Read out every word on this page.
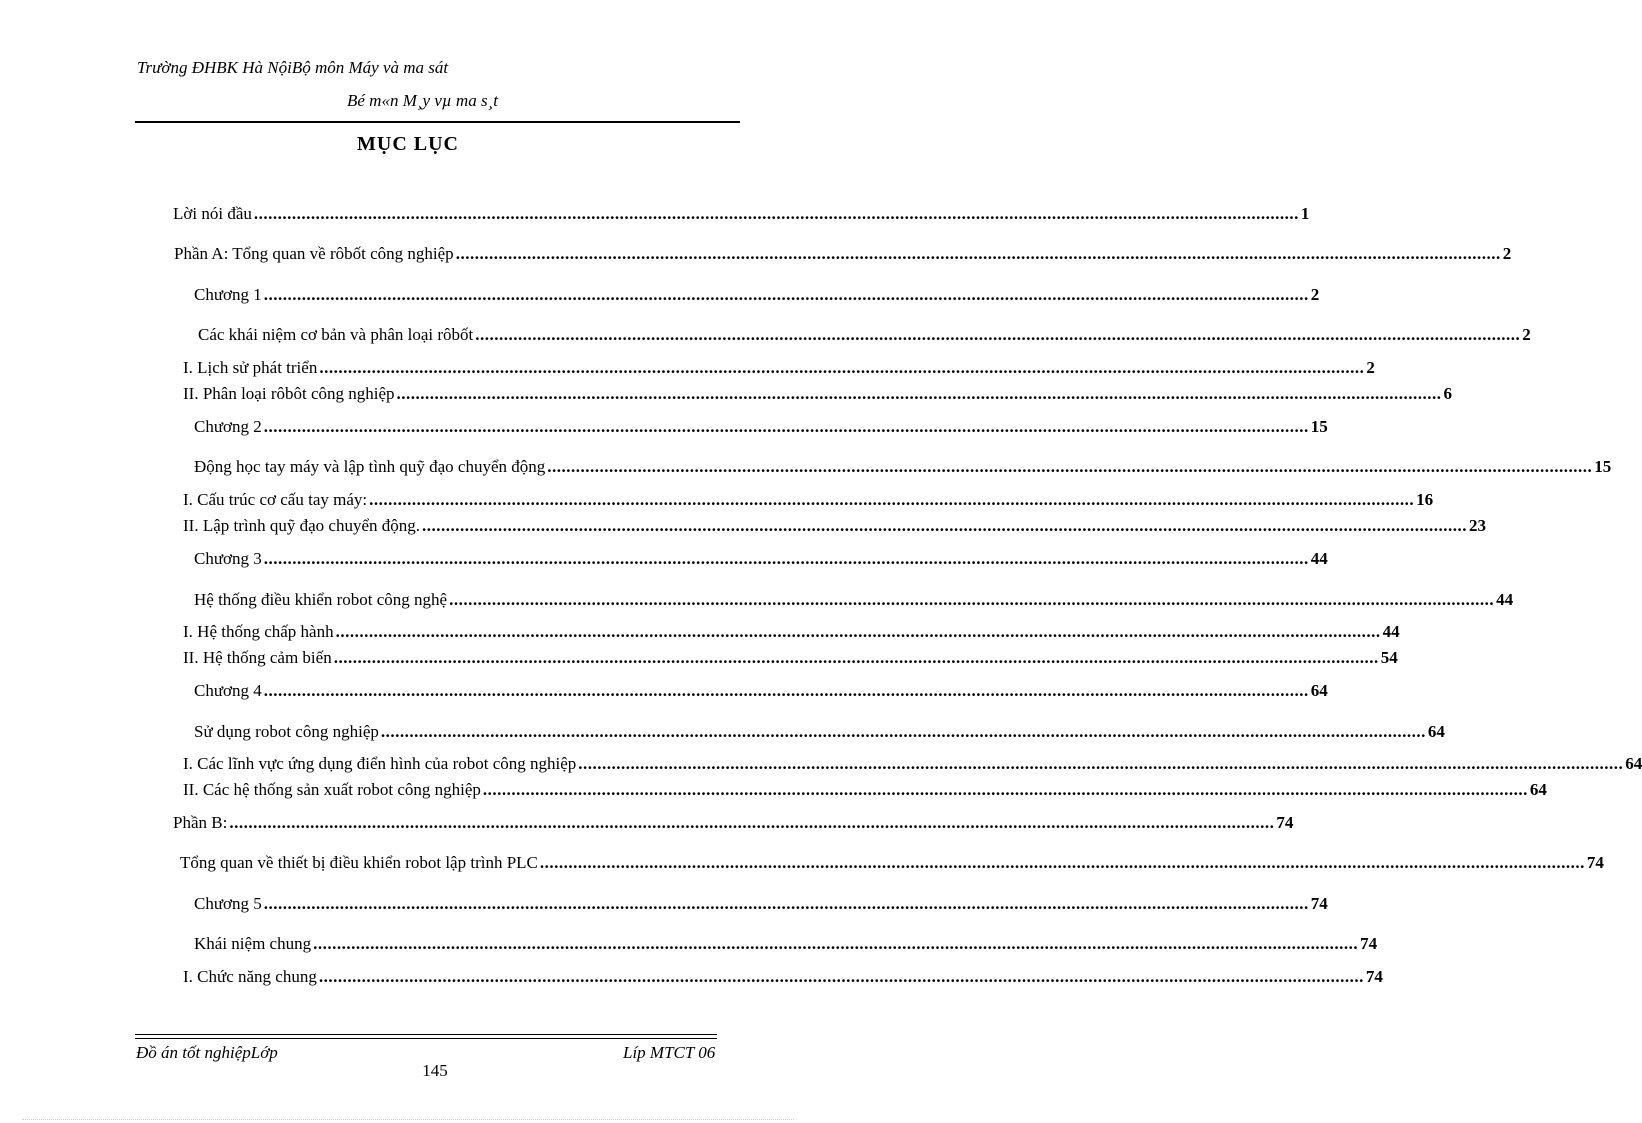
Trường ĐHBK Hà NộiBộ môn Máy và ma sát
Bé m«n M¸y vµ ma s¸t
MỤC LỤC
Lời nói đầu ............................................................................................................................................................................................................................ 1
Phần A: Tổng quan về rôbốt công nghiệp ............................................................................................................................................................................................................................ 2
Chương 1 ............................................................................................................................................................................................................................ 2
Các khái niệm cơ bản và phân loại rôbốt ............................................................................................................................................................................................................................ 2
I. Lịch sử phát triển ............................................................................................................................................................................................................................ 2
II. Phân loại rôbôt công nghiệp ............................................................................................................................................................................................................................ 6
Chương 2 ............................................................................................................................................................................................................................ 15
Động học tay máy và lập tình quỹ đạo chuyển động ............................................................................................................................................................................................................................ 15
I. Cấu trúc cơ cấu tay máy: ............................................................................................................................................................................................................................ 16
II. Lập trình quỹ đạo chuyển động. ............................................................................................................................................................................................................................ 23
Chương 3 ............................................................................................................................................................................................................................ 44
Hệ thống điều khiển robot công nghệ ............................................................................................................................................................................................................................ 44
I. Hệ thống chấp hành ............................................................................................................................................................................................................................ 44
II. Hệ thống cảm biến ............................................................................................................................................................................................................................ 54
Chương 4 ............................................................................................................................................................................................................................ 64
Sử dụng robot công nghiệp ............................................................................................................................................................................................................................ 64
I. Các lĩnh vực ứng dụng điển hình của robot công nghiệp ............................................................................................................................................................................................................................ 64
II. Các hệ thống sản xuất robot công nghiệp ............................................................................................................................................................................................................................ 64
Phần B: ............................................................................................................................................................................................................................ 74
Tổng quan về thiết bị điều khiển robot lập trình PLC ............................................................................................................................................................................................................................ 74
Chương 5 ............................................................................................................................................................................................................................ 74
Khái niệm chung ............................................................................................................................................................................................................................ 74
I. Chức năng chung ............................................................................................................................................................................................................................ 74
Đồ án tốt nghiệpLớp	Líp MTCT 06
145
